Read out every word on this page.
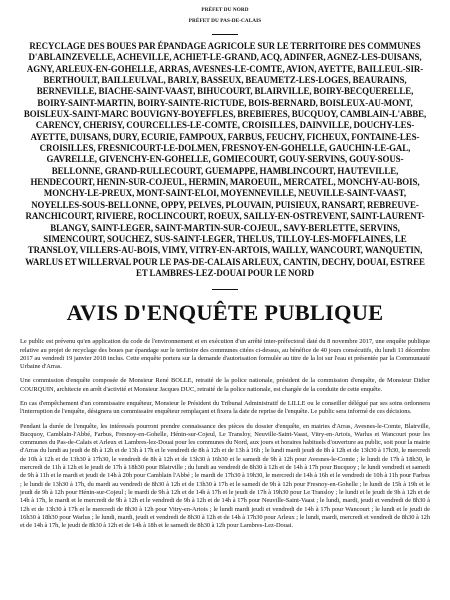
PRÉFET DU NORD
PRÉFET DU PAS-DE-CALAIS
RECYCLAGE DES BOUES PAR ÉPANDAGE AGRICOLE SUR LE TERRITOIRE DES COMMUNES D'ABLAINZEVELLE, ACHEVILLE, ACHIET-LE-GRAND, ACQ, ADINFER, AGNEZ-LES-DUISANS, AGNY, ARLEUX-EN-GOHELLE, ARRAS, AVESNES-LE-COMTE, AVION, AYETTE, BAILLEUL-SIR-BERTHOULT, BAILLEULVAL, BARLY, BASSEUX, BEAUMETZ-LES-LOGES, BEAURAINS, BERNEVILLE, BIACHE-SAINT-VAAST, BIHUCOURT, BLAIRVILLE, BOIRY-BECQUERELLE, BOIRY-SAINT-MARTIN, BOIRY-SAINTE-RICTUDE, BOIS-BERNARD, BOISLEUX-AU-MONT, BOISLEUX-SAINT-MARC BOUVIGNY-BOYEFFLES, BREBIERES, BUCQUOY, CAMBLAIN-L'ABBE, CARENCY, CHERISY, COURCELLES-LE-COMTE, CROISILLES, DAINVILLE, DOUCHY-LES-AYETTE, DUISANS, DURY, ECURIE, FAMPOUX, FARBUS, FEUCHY, FICHEUX, FONTAINE-LES-CROISILLES, FRESNICOURT-LE-DOLMEN, FRESNOY-EN-GOHELLE, GAUCHIN-LE-GAL, GAVRELLE, GIVENCHY-EN-GOHELLE, GOMIECOURT, GOUY-SERVINS, GOUY-SOUS-BELLONNE, GRAND-RULLECOURT, GUEMAPPE, HAMBLINCOURT, HAUTEVILLE, HENDECOURT, HENIN-SUR-COJEUL, HERMIN, MAROEUIL, MERCATEL, MONCHY-AU-BOIS, MONCHY-LE-PREUX, MONT-SAINT-ELOI, MOYENNEVILLE, NEUVILLE-SAINT-VAAST, NOYELLES-SOUS-BELLONNE, OPPY, PELVES, PLOUVAIN, PUISIEUX, RANSART, REBREUVE-RANCHICOURT, RIVIERE, ROCLINCOURT, ROEUX, SAILLY-EN-OSTREVENT, SAINT-LAURENT-BLANGY, SAINT-LEGER, SAINT-MARTIN-SUR-COJEUL, SAVY-BERLETTE, SERVINS, SIMENCOURT, SOUCHEZ, SUS-SAINT-LEGER, THELUS, TILLOY-LES-MOFFLAINES, LE TRANSLOY, VILLERS-AU-BOIS, VIMY, VITRY-EN-ARTOIS, WAILLY, WANCOURT, WANQUETIN, WARLUS ET WILLERVAL POUR LE PAS-DE-CALAIS ARLEUX, CANTIN, DECHY, DOUAI, ESTREE ET LAMBRES-LEZ-DOUAI POUR LE NORD
AVIS D'ENQUÊTE PUBLIQUE

Le public est prévenu qu'en application du code de l'environnement et en exécution d'un arrêté inter-préfectoral daté du 8 novembre 2017, une enquête publique relative au projet de recyclage des boues par épandage sur le territoire des communes citées ci-dessus, au bénéfice de 40 jours consécutifs, du lundi 11 décembre 2017 au vendredi 19 janvier 2018 inclus. Cette enquête portera sur la demande d'autorisation formulée au titre de la loi sur l'eau et présentée par la Communauté Urbaine d'Arras.

Une commission d'enquête composée de Monsieur René BOLLE, retraité de la police nationale, président de la commission d'enquête, de Monsieur Didier COURQUIN, architecte en arrêt d'activité et Monsieur Jacques DUC, retraité de la police nationale, est chargée de la conduite de cette enquête.

En cas d'empêchement d'un commissaire enquêteur, Monsieur le Président du Tribunal Administratif de LILLE ou le conseiller délégué par ses soins ordonnera l'interruption de l'enquête, désignera un commissaire enquêteur remplaçant et fixera la date de reprise de l'enquête. Le public sera informé de ces décisions.

Pendant la durée de l'enquête, les intéressés pourront prendre connaissance des pièces du dossier d'enquête, en mairies d'Arras, Avesnes-le-Comte, Blairville, Bucquoy, Camblain-l'Abbé, Farbus, Fresnoy-en-Gohelle, Hénin-sur-Cojeul, Le Transloy, Neuville-Saint-Vaast, Vitry-en-Artois, Warlus et Wancourt pour les communes du Pas-de-Calais et Arleux et Lambres-lez-Douai pour les communes du Nord, aux jours et horaires habituels d'ouverture au public, soit pour la mairie d'Arras du lundi au jeudi de 8h à 12h et de 13h à 17h et le vendredi de 8h à 12h et de 13h à 16h ; le lundi mardi jeudi de 8h à 12h et de 13h30 à 17h30, le mercredi de 10h à 12h et de 13h30 à 17h30, le vendredi de 8h à 12h et de 13h30 à 16h30 et le samedi de 9h à 12h pour Avesnes-le-Comte ; le lundi de 17h à 18h30, le mercredi de 11h à 12h et le jeudi de 17h à 18h30 pour Blairville ; du lundi au vendredi de 8h30 à 12h et de 14h à 17h pour Bucquoy ; le lundi vendredi et samedi de 9h à 11h et le mardi et jeudi de 14h à 20h pour Camblain l'Abbé ; le mardi de 17h30 à 19h30, le mercredi de 14h à 16h et le vendredi de 10h à 11h pour Farbus ; le lundi de 13h30 à 17h, du mardi au vendredi de 8h30 à 12h et de 13h30 à 17h et le samedi de 9h à 12h pour Fresnoy-en-Gohelle ; le lundi de 15h à 19h et le jeudi de 9h à 12h pour Hénin-sur-Cojeul ; le mardi de 9h à 12h et de 14h à 17h et le jeudi de 17h à 19h30 pour Le Transloy ; le lundi et le jeudi de 9h à 12h et de 14h à 17h, le mardi et le mercredi de 9h à 12h et le vendredi de 9h à 12h et de 14h à 17h pour Neuville-Saint-Vaast ; le lundi, mardi, jeudi et vendredi de 8h30 à 12h et de 13h30 à 17h et le mercredi de 8h30 à 12h pour Vitry-en-Artois ; le lundi mardi jeudi et vendredi de 14h à 17h pour Wancourt ; le lundi et le jeudi de 16h30 à 18h30 pour Warlus ; le lundi, mardi, jeudi et vendredi de 8h30 à 12h et de 14h à 17h30 pour Arleux ; le lundi, mardi, mercredi et vendredi de 8h30 à 12h et de 14h à 17h, le jeudi de 8h30 à 12h et de 14h à 18h et le samedi de 8h30 à 12h pour Lambres-Lez-Douai.
